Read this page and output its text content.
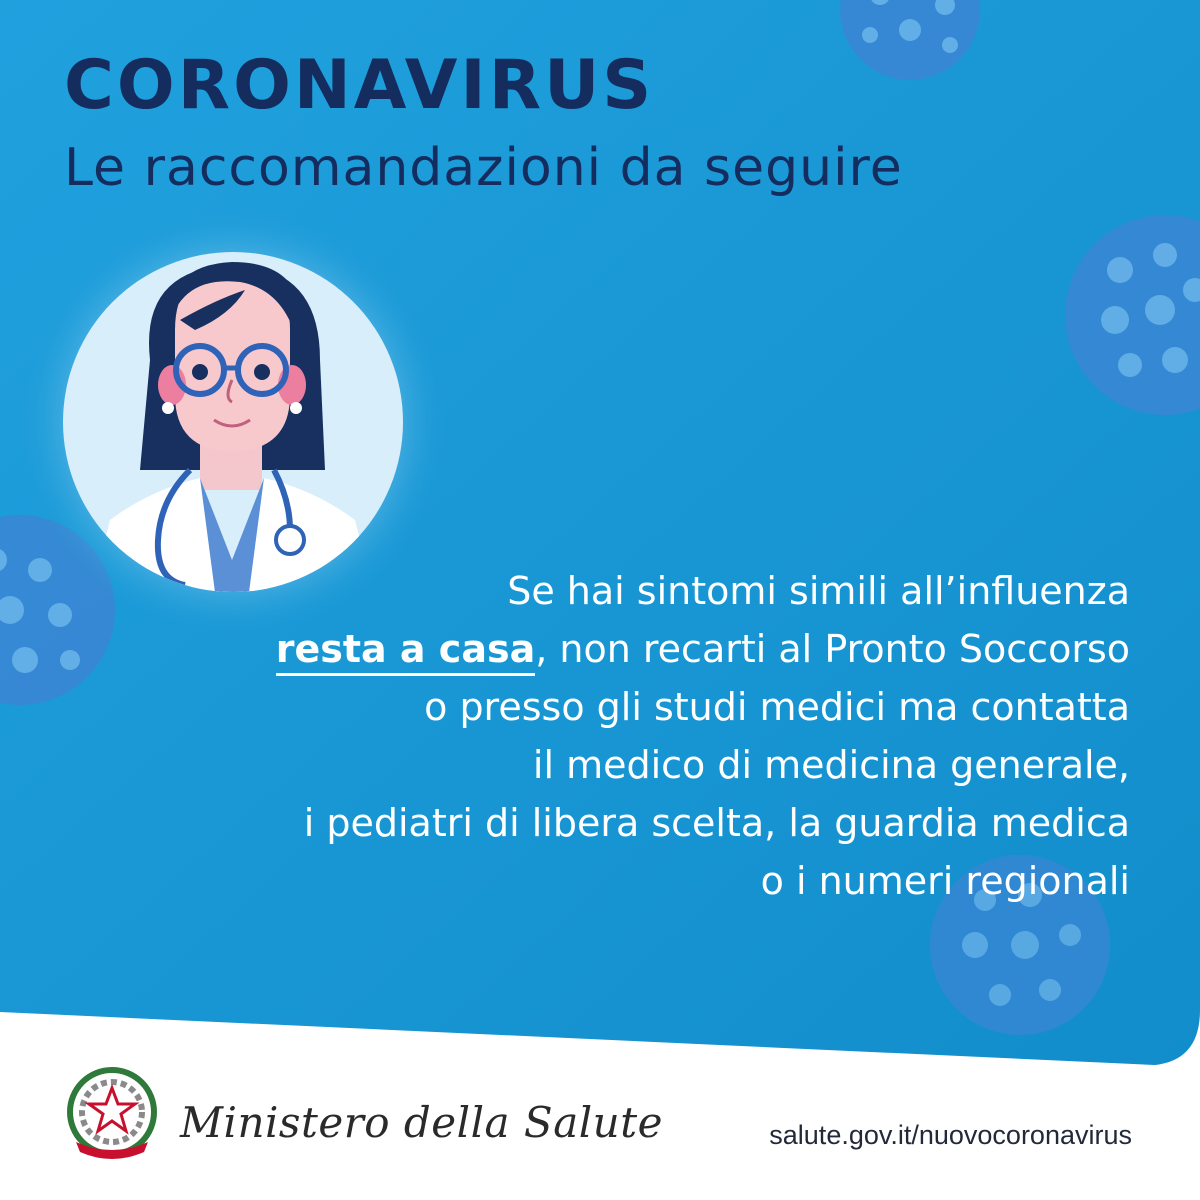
CORONAVIRUS
Le raccomandazioni da seguire
Se hai sintomi simili all’influenza
resta a casa, non recarti al Pronto Soccorso
o presso gli studi medici ma contatta
il medico di medicina generale,
i pediatri di libera scelta, la guardia medica
o i numeri regionali
Ministero della Salute	salute.gov.it/nuovocoronavirus
